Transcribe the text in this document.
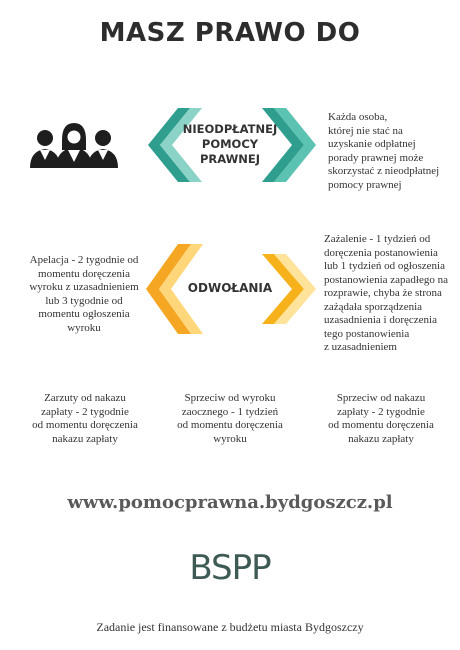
MASZ PRAWO DO
NIEODPŁATNEJ
POMOCY
PRAWNEJ
Każda osoba,
której nie stać na
uzyskanie odpłatnej
porady prawnej może
skorzystać z nieodpłatnej
pomocy prawnej
ODWOŁANIA
Apelacja - 2 tygodnie od
momentu doręczenia
wyroku z uzasadnieniem
lub 3 tygodnie od
momentu ogłoszenia
wyroku
Zażalenie - 1 tydzień od
doręczenia postanowienia
lub 1 tydzień od ogłoszenia
postanowienia zapadłego na
rozprawie, chyba że strona
zażądała sporządzenia
uzasadnienia i doręczenia
tego postanowienia
z uzasadnieniem
Zarzuty od nakazu
zapłaty - 2 tygodnie
od momentu doręczenia
nakazu zapłaty
Sprzeciw od wyroku
zaocznego - 1 tydzień
od momentu doręczenia
wyroku
Sprzeciw od nakazu
zapłaty - 2 tygodnie
od momentu doręczenia
nakazu zapłaty
www.pomocprawna.bydgoszcz.pl
BSPP
Zadanie jest finansowane z budżetu miasta Bydgoszczy
